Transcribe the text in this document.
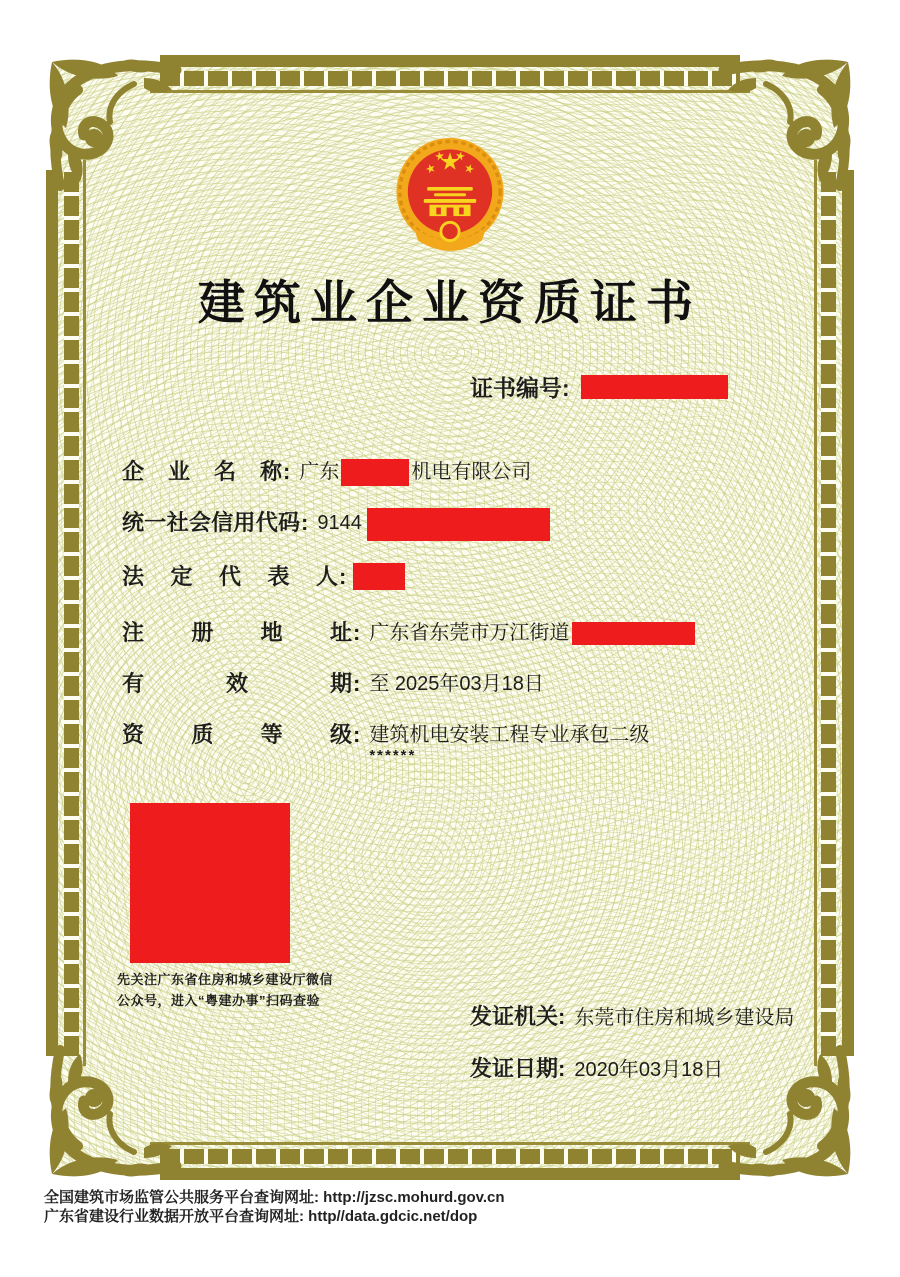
建筑业企业资质证书
证书编号:
企业名称 : 广东	机电有限公司
统一社会信用代码 : 9144
法定代表人 :
注册地址 : 广东省东莞市万江街道
有效期 : 至 2025年03月18日
资质等级 : 建筑机电安装工程专业承包二级
******
先关注广东省住房和城乡建设厅微信
公众号，进入“粤建办事”扫码查验
发证机关: 东莞市住房和城乡建设局
发证日期: 2020年03月18日
全国建筑市场监管公共服务平台查询网址: http://jzsc.mohurd.gov.cn
广东省建设行业数据开放平台查询网址: http//data.gdcic.net/dop
